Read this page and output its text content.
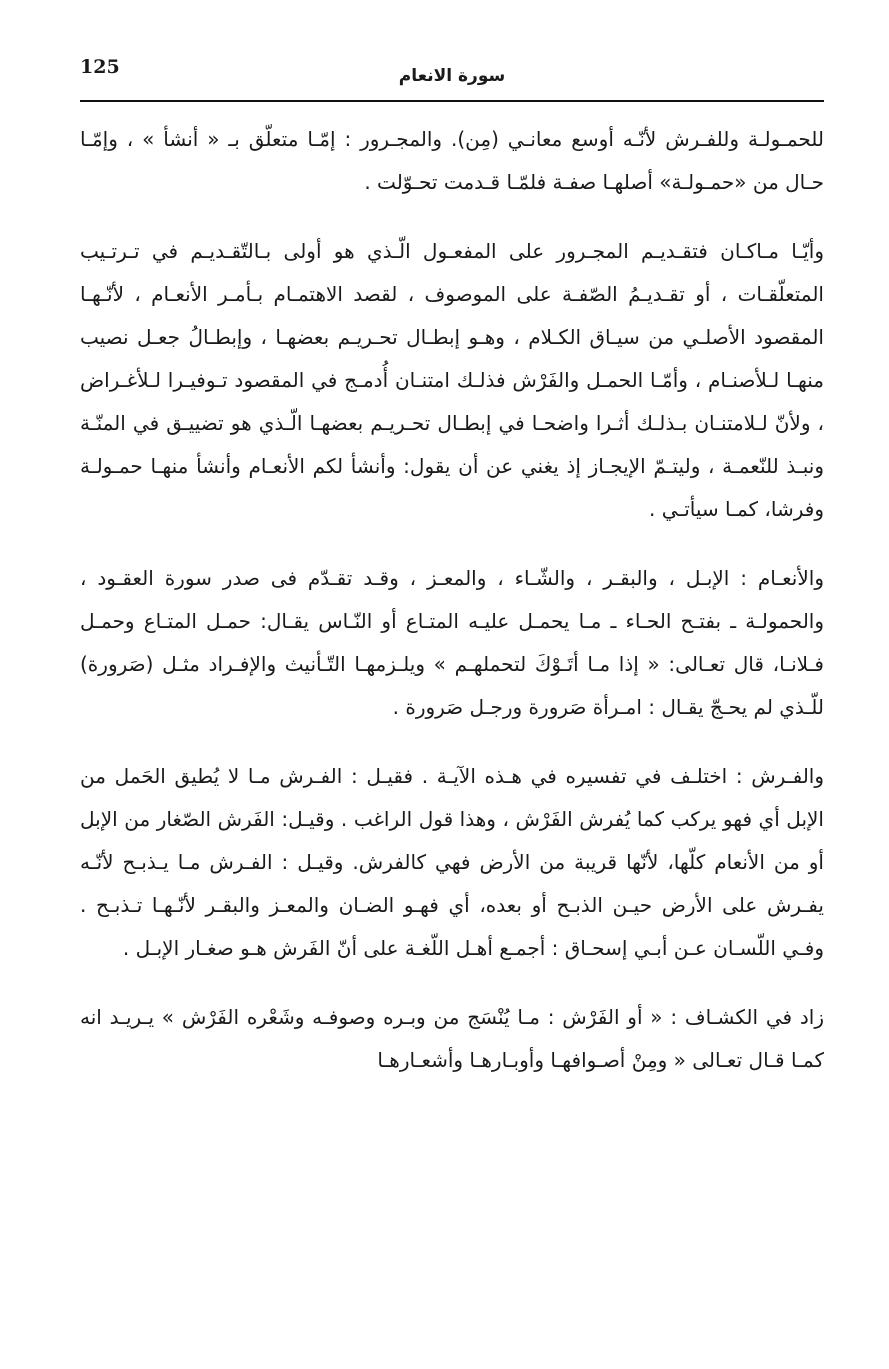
125	سورة الانعام

للحمـولـة وللفـرش لأنّـه أوسع معانـي (مِن). والمجـرور : إمّـا متعلّق بـ « أنشأ » ، وإمّـا حـال من «حمـولـة» أصلهـا صفـة فلمّـا قـدمت تحـوّلت .

وأيّـا مـاكـان فتقـديـم المجـرور على المفعـول الّـذي هو أولى بـالتّقـديـم في تـرتـيب المتعلّقـات ، أو تقـديـمُ الصّفـة على الموصوف ، لقصد الاهتمـام بـأمـر الأنعـام ، لأنّـهـا المقصود الأصلـي من سيـاق الكـلام ، وهـو إبطـال تحـريـم بعضهـا ، وإبطـالُ جعـل نصيب منهـا لـلأصنـام ، وأمّـا الحمـل والفَرْش فذلـك امتنـان أُدمـج في المقصود تـوفيـرا لـلأغـراض ، ولأنّ لـلامتنـان بـذلـك أثـرا واضحـا في إبطـال تحـريـم بعضهـا الّـذي هو تضييـق في المنّـة ونبـذ للنّعمـة ، وليتـمّ الإيجـاز إذ يغني عن أن يقول: وأنشأ لكم الأنعـام وأنشأ منهـا حمـولـة وفرشا، كمـا سيأتـي .

والأنعـام : الإبـل ، والبقـر ، والشّـاء ، والمعـز ، وقـد تقـدّم فى صدر سورة العقـود ، والحمولـة ـ بفتـح الحـاء ـ مـا يحمـل عليـه المتـاع أو النّـاس يقـال: حمـل المتـاع وحمـل فـلانـا، قال تعـالى: « إذا مـا أتَـوْكَ لتحملهـم » ويلـزمهـا التّـأنيث والإفـراد مثـل (صَرورة) للّـذي لم يحـجّ يقـال : امـرأة صَرورة ورجـل صَرورة .

والفـرش : اختلـف في تفسيره في هـذه الآيـة . فقيـل : الفـرش مـا لا يُطيق الحَمل من الإبل أي فهو يركب كما يُفرش الفَرْش ، وهذا قول الراغب . وقيـل: الفَرش الصّغار من الإبل أو من الأنعام كلّها، لأنّها قريبة من الأرض فهي كالفرش. وقيـل : الفـرش مـا يـذبـح لأنّـه يفـرش على الأرض حيـن الذبـح أو بعده، أي فهـو الضـان والمعـز والبقـر لأنّـهـا تـذبـح . وفـي اللّسـان عـن أبـي إسحـاق : أجمـع أهـل اللّغـة على أنّ الفَرش هـو صغـار الإبـل .

زاد في الكشـاف : « أو الفَرْش : مـا يُنْسَج من وبـره وصوفـه وشَعْره الفَرْش » يـريـد انه كمـا قـال تعـالى « ومِنْ أصـوافهـا وأوبـارهـا وأشعـارهـا
